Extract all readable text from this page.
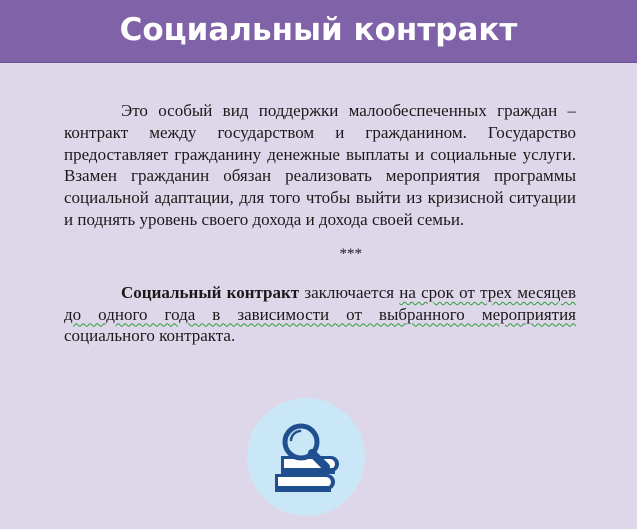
Социальный контракт

Это особый вид поддержки малообеспеченных граждан – контракт между государством и гражданином. Государство предоставляет гражданину денежные выплаты и социальные услуги. Взамен гражданин обязан реализовать мероприятия программы социальной адаптации, для того чтобы выйти из кризисной ситуации и поднять уровень своего дохода и дохода своей семьи.

***

Социальный контракт заключается на срок от трех месяцев до одного года в зависимости от выбранного мероприятия социального контракта.
